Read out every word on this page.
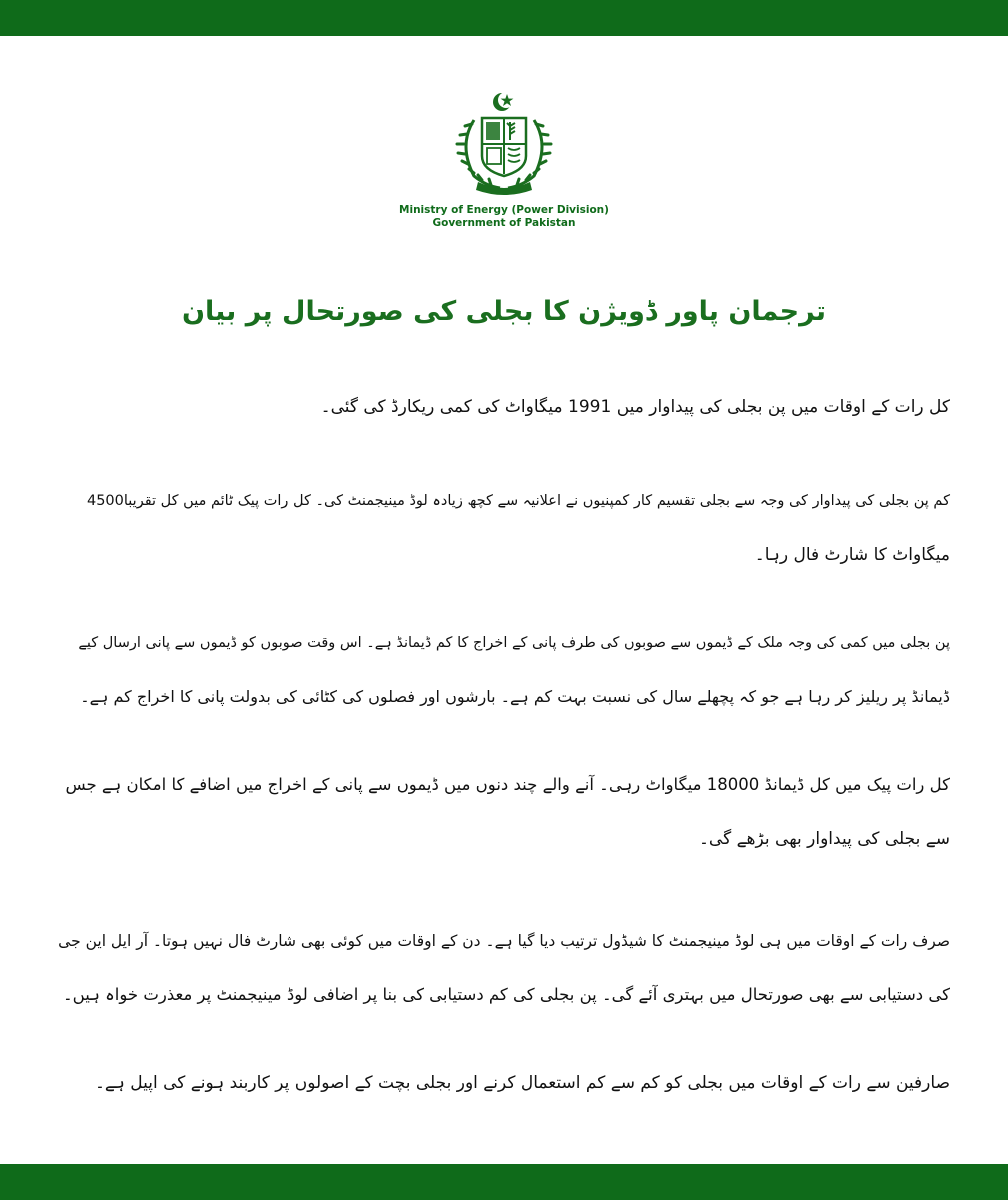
Ministry of Energy (Power Division)
Government of Pakistan
ترجمان پاور ڈویژن کا بجلی کی صورتحال پر بیان
کل رات کے اوقات میں پن بجلی کی پیداوار میں 1991 میگاواٹ کی کمی ریکارڈ کی گئی۔
کم پن بجلی کی پیداوار کی وجہ سے بجلی تقسیم کار کمپنیوں نے اعلانیہ سے کچھ زیادہ لوڈ مینیجمنٹ کی۔ کل رات پیک ٹائم میں کل تقریبا4500
میگاواٹ کا شارٹ فال رہا۔
پن بجلی میں کمی کی وجہ ملک کے ڈیموں سے صوبوں کی طرف پانی کے اخراج کا کم ڈیمانڈ ہے۔ اس وقت صوبوں کو ڈیموں سے پانی ارسال کیے
ڈیمانڈ پر ریلیز کر رہا ہے جو کہ پچھلے سال کی نسبت بہت کم ہے۔ بارشوں اور فصلوں کی کٹائی کی بدولت پانی کا اخراج کم ہے۔
کل رات پیک میں کل ڈیمانڈ 18000 میگاواٹ رہی۔ آنے والے چند دنوں میں ڈیموں سے پانی کے اخراج میں اضافے کا امکان ہے جس
سے بجلی کی پیداوار بھی بڑھے گی۔
صرف رات کے اوقات میں ہی لوڈ مینیجمنٹ کا شیڈول ترتیب دیا گیا ہے۔ دن کے اوقات میں کوئی بھی شارٹ فال نہیں ہوتا۔ آر ایل این جی
کی دستیابی سے بھی صورتحال میں بہتری آئے گی۔ پن بجلی کی کم دستیابی کی بنا پر اضافی لوڈ مینیجمنٹ پر معذرت خواہ ہیں۔
صارفین سے رات کے اوقات میں بجلی کو کم سے کم استعمال کرنے اور بجلی بچت کے اصولوں پر کاربند ہونے کی اپیل ہے۔
